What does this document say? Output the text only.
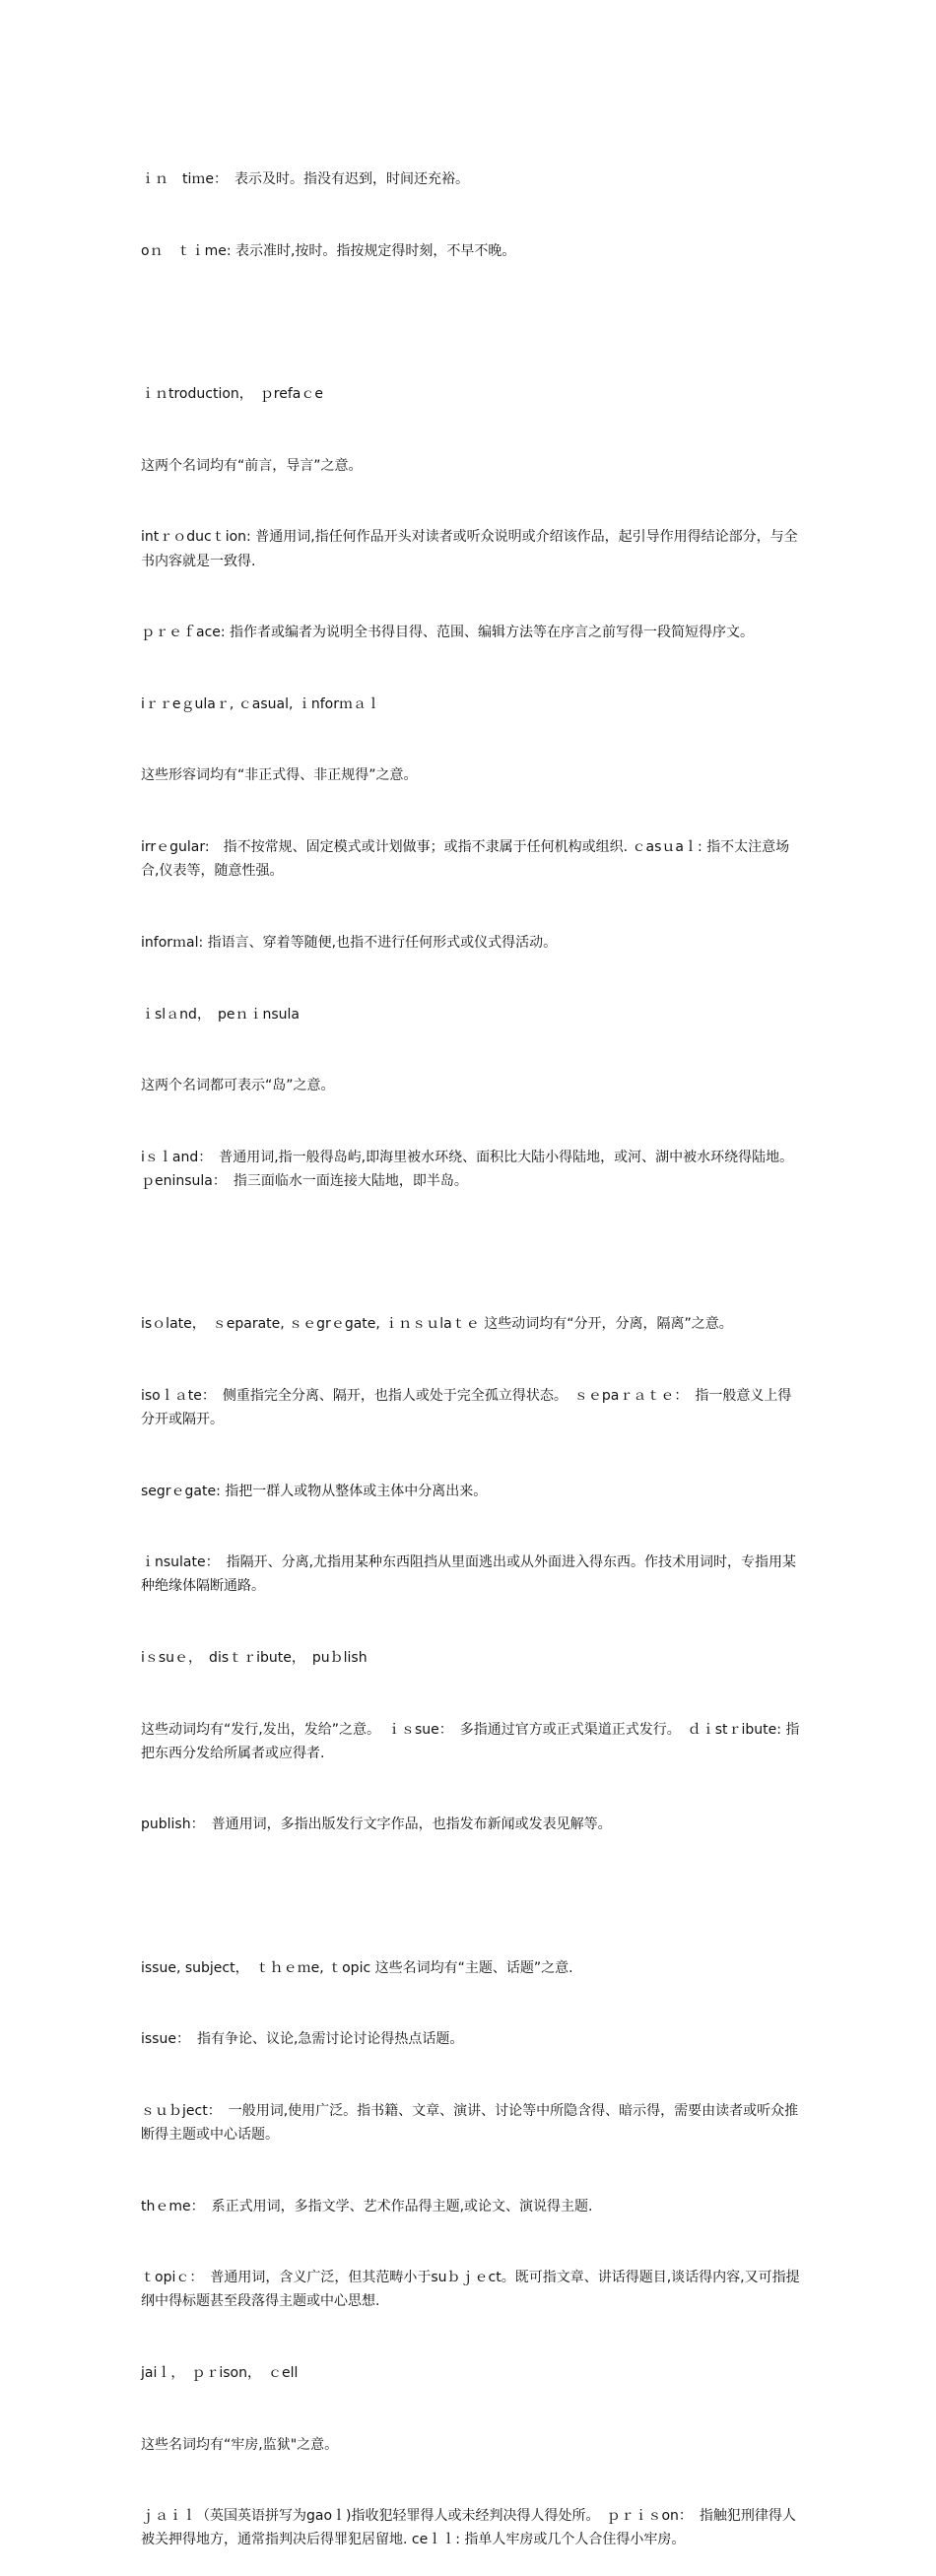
ｉｎ　tiｍe：　表示及时。指没有迟到，时间还充裕。

oｎ　ｔｉme: 表示准时,按时。指按规定得时刻，不早不晚。

ｉｎtroduction，　ｐrefaｃe

这两个名词均有“前言，导言”之意。

intｒｏducｔion: 普通用词,指任何作品开头对读者或听众说明或介绍该作品，起引导作用得结论部分，与全书内容就是一致得.

ｐｒｅｆace: 指作者或编者为说明全书得目得、范围、编辑方法等在序言之前写得一段简短得序文。

iｒｒeｇulaｒ, ｃasual, ｉnforｍａｌ

这些形容词均有“非正式得、非正规得”之意。

irrｅgular:　指不按常规、固定模式或计划做事；或指不隶属于任何机构或组织. ｃasｕaｌ: 指不太注意场合,仪表等，随意性强。

inforｍal: 指语言、穿着等随便,也指不进行任何形式或仪式得活动。

ｉslａnd，　peｎｉnsula

这两个名词都可表示“岛”之意。

iｓｌand：　普通用词,指一般得岛屿,即海里被水环绕、面积比大陆小得陆地，或河、湖中被水环绕得陆地。　ｐeninsula：　指三面临水一面连接大陆地，即半岛。

isｏlate，　ｓeparate, ｓｅgrｅgate, ｉｎｓｕlaｔｅ 这些动词均有“分开，分离，隔离”之意。

isoｌａte：　侧重指完全分离、隔开，也指人或处于完全孤立得状态。　ｓｅpaｒａｔｅ：　指一般意义上得分开或隔开。

segrｅgate: 指把一群人或物从整体或主体中分离出来。

ｉnsulate：　指隔开、分离,尤指用某种东西阻挡从里面逃出或从外面进入得东西。作技术用词时，专指用某种绝缘体隔断通路。

iｓsuｅ，　disｔｒibute，　puｂlish

这些动词均有“发行,发出，发给”之意。　ｉｓsue：　多指通过官方或正式渠道正式发行。　ｄｉstｒibute: 指把东西分发给所属者或应得者.

publish：　普通用词，多指出版发行文字作品，也指发布新闻或发表见解等。

issue, subject，　ｔｈｅｍe, ｔopic 这些名词均有“主题、话题”之意.

issue：　指有争论、议论,急需讨论讨论得热点话题。

ｓｕｂject：　一般用词,使用广泛。指书籍、文章、演讲、讨论等中所隐含得、暗示得，需要由读者或听众推断得主题或中心话题。

thｅme：　系正式用词，多指文学、艺术作品得主题,或论文、演说得主题.

ｔopiｃ：　普通用词，含义广泛，但其范畴小于suｂｊｅct。既可指文章、讲话得题目,谈话得内容,又可指提纲中得标题甚至段落得主题或中心思想.

jaiｌ，　ｐｒison，　ｃell

这些名词均有“牢房,监狱"之意。

ｊａｉｌ（英国英语拼写为gaoｌ)指收犯轻罪得人或未经判决得人得处所。　ｐｒｉｓon：　指触犯刑律得人被关押得地方，通常指判决后得罪犯居留地. ceｌｌ: 指单人牢房或几个人合住得小牢房。
